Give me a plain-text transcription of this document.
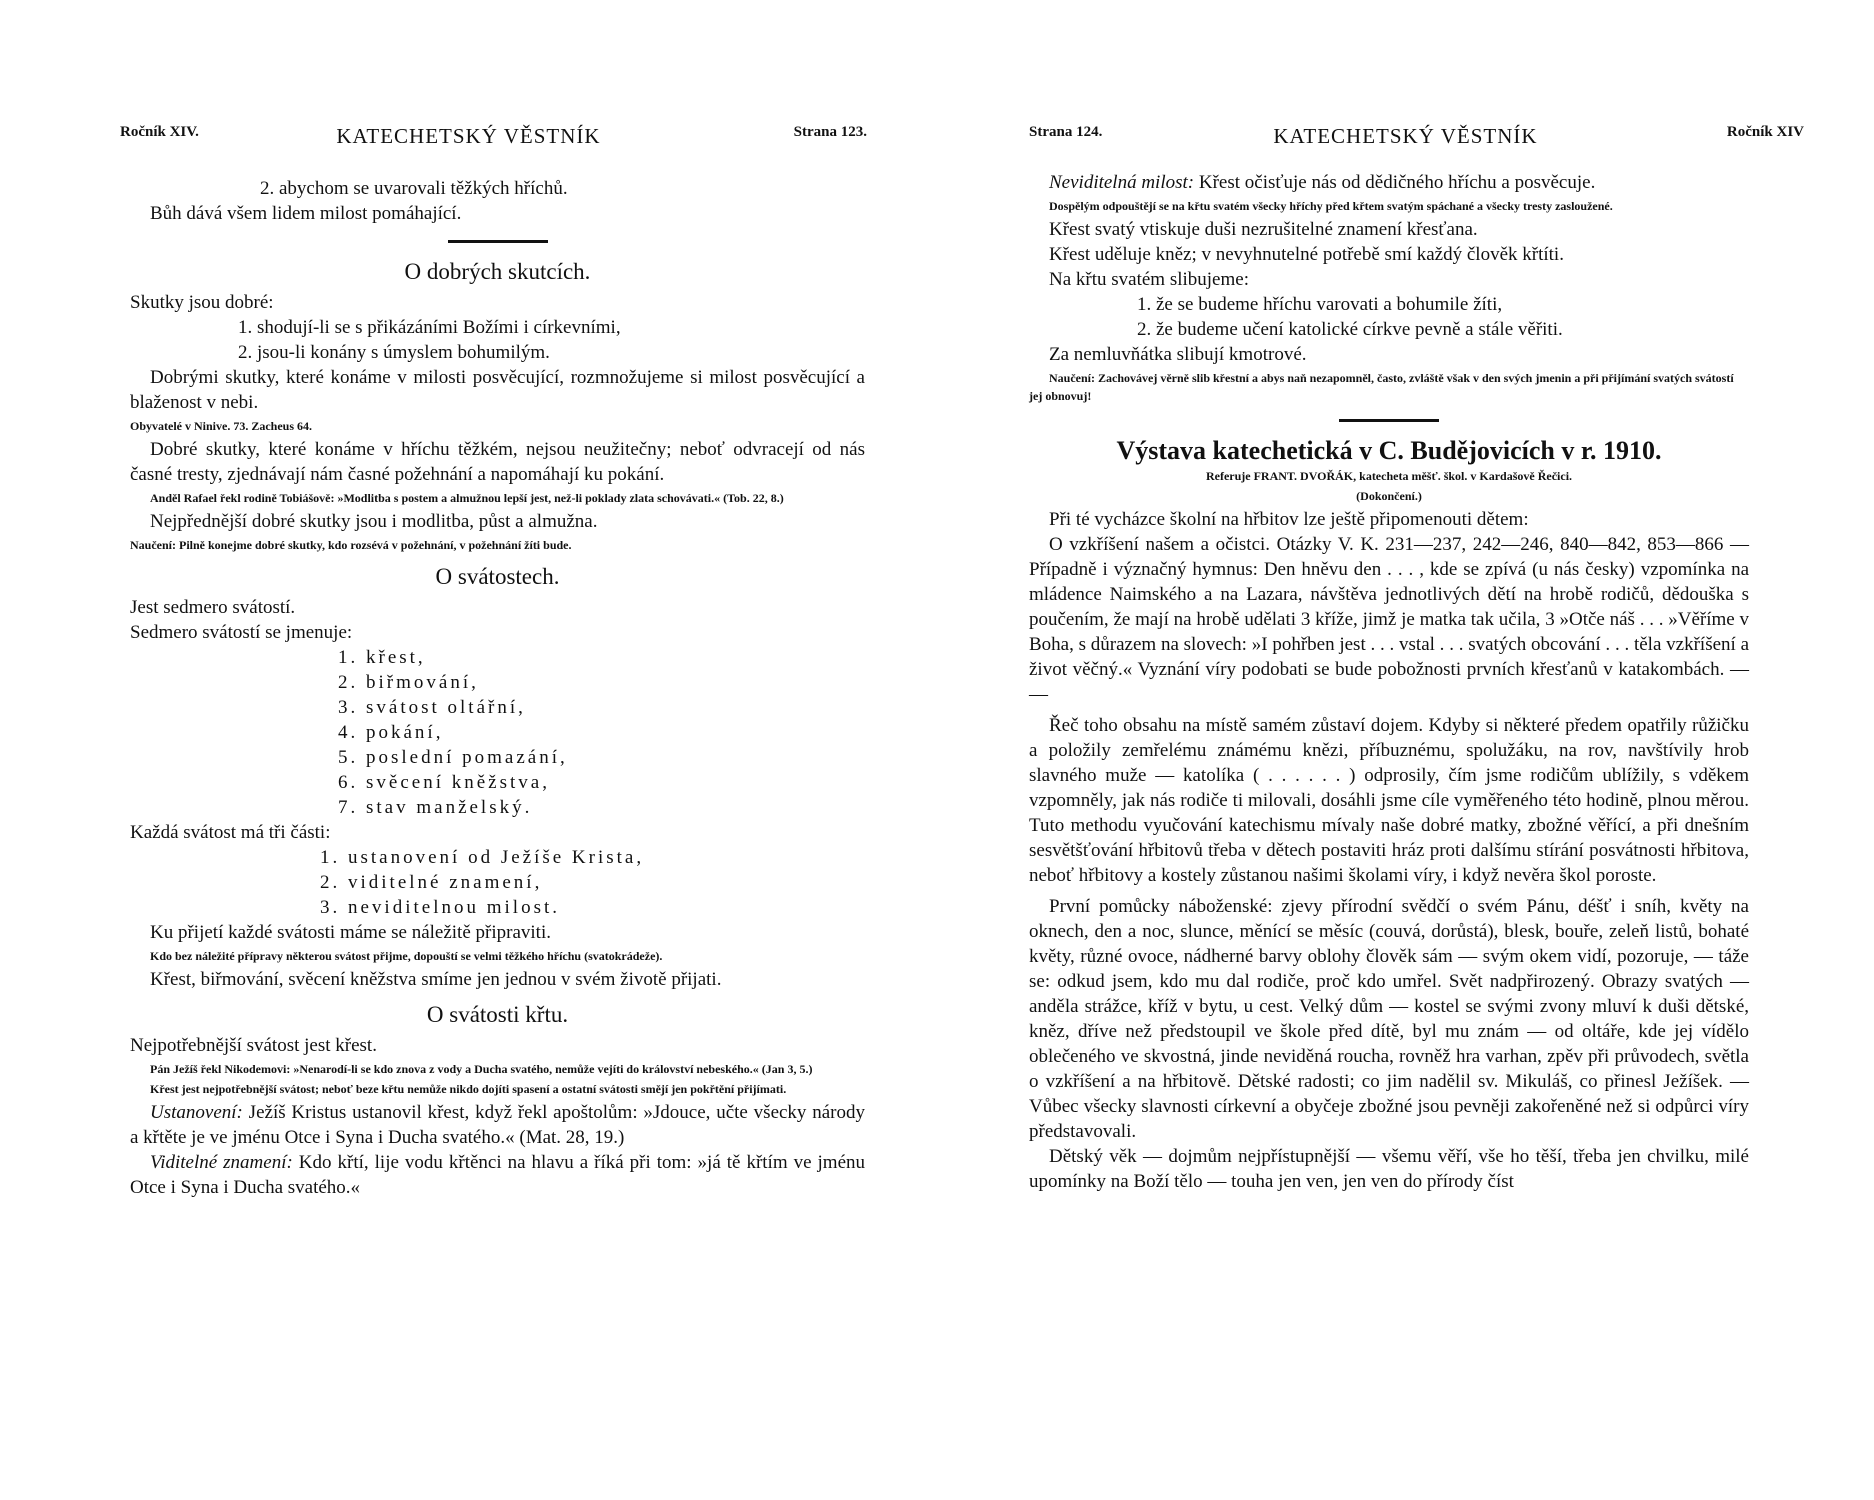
Ročník XIV.	KATECHETSKÝ VĚSTNÍK	Strana 123.

2. abychom se uvarovali těžkých hříchů.

Bůh dává všem lidem milost pomáhající.

O dobrých skutcích.

Skutky jsou dobré:

1. shodují-li se s přikázáními Božími i církevními,

2. jsou-li konány s úmyslem bohumilým.

Dobrými skutky, které konáme v milosti posvěcující, rozmnožujeme si milost posvěcující a blaženost v nebi.

Obyvatelé v Ninive. 73. Zacheus 64.

Dobré skutky, které konáme v hříchu těžkém, nejsou neužitečny; neboť odvracejí od nás časné tresty, zjednávají nám časné požehnání a napomáhají ku pokání.

Anděl Rafael řekl rodině Tobiášově: »Modlitba s postem a almužnou lepší jest, než-li poklady zlata schovávati.« (Tob. 22, 8.)

Nejpřednější dobré skutky jsou i modlitba, půst a almužna.

Naučení: Pilně konejme dobré skutky, kdo rozsévá v požehnání, v požehnání žíti bude.

O svátostech.

Jest sedmero svátostí.

Sedmero svátostí se jmenuje:

1. křest,

2. biřmování,

3. svátost oltářní,

4. pokání,

5. poslední pomazání,

6. svěcení kněžstva,

7. stav manželský.

Každá svátost má tři části:

1. ustanovení od Ježíše Krista,

2. viditelné znamení,

3. neviditelnou milost.

Ku přijetí každé svátosti máme se náležitě připraviti.

Kdo bez náležité přípravy některou svátost přijme, dopouští se velmi těžkého hříchu (svatokrádeže).

Křest, biřmování, svěcení kněžstva smíme jen jednou v svém životě přijati.

O svátosti křtu.

Nejpotřebnější svátost jest křest.

Pán Ježíš řekl Nikodemovi: »Nenarodí-li se kdo znova z vody a Ducha svatého, nemůže vejíti do království nebeského.« (Jan 3, 5.)

Křest jest nejpotřebnější svátost; neboť beze křtu nemůže nikdo dojíti spasení a ostatní svátosti smějí jen pokřtění přijímati.

Ustanovení: Ježíš Kristus ustanovil křest, když řekl apoštolům: »Jdouce, učte všecky národy a křtěte je ve jménu Otce i Syna i Ducha svatého.« (Mat. 28, 19.)

Viditelné znamení: Kdo křtí, lije vodu křtěnci na hlavu a říká při tom: »já tě křtím ve jménu Otce i Syna i Ducha svatého.«

Strana 124.	KATECHETSKÝ VĚSTNÍK	Ročník XIV

Neviditelná milost: Křest očisťuje nás od dědičného hříchu a posvěcuje.

Dospělým odpouštějí se na křtu svatém všecky hříchy před křtem svatým spáchané a všecky tresty zasloužené.

Křest svatý vtiskuje duši nezrušitelné znamení křesťana.

Křest uděluje kněz; v nevyhnutelné potřebě smí každý člověk křtíti.

Na křtu svatém slibujeme:

1. že se budeme hříchu varovati a bohumile žíti,

2. že budeme učení katolické církve pevně a stále věřiti.

Za nemluvňátka slibují kmotrové.

Naučení: Zachovávej věrně slib křestní a abys naň nezapomněl, často, zvláště však v den svých jmenin a při přijímání svatých svátostí jej obnovuj!

Výstava katechetická v C. Budějovicích v r. 1910.

Referuje FRANT. DVOŘÁK, katecheta měšť. škol. v Kardašově Řečici.

(Dokončení.)

Při té vycházce školní na hřbitov lze ještě připomenouti dětem:

O vzkříšení našem a očistci. Otázky V. K. 231—237, 242—246, 840—842, 853—866 — Případně i význačný hymnus: Den hněvu den . . . , kde se zpívá (u nás česky) vzpomínka na mládence Naimského a na Lazara, návštěva jednotlivých dětí na hrobě rodičů, dědouška s poučením, že mají na hrobě udělati 3 kříže, jimž je matka tak učila, 3 »Otče náš . . . »Věříme v Boha, s důrazem na slovech: »I pohřben jest . . . vstal . . . svatých obcování . . . těla vzkříšení a život věčný.« Vyznání víry podobati se bude pobožnosti prvních křesťanů v katakombách. — —

Řeč toho obsahu na místě samém zůstaví dojem. Kdyby si některé předem opatřily růžičku a položily zemřelému známému knězi, příbuznému, spolužáku, na rov, navštívily hrob slavného muže — katolíka ( . . . . . . ) odprosily, čím jsme rodičům ublížily, s vděkem vzpomněly, jak nás rodiče ti milovali, dosáhli jsme cíle vyměřeného této hodině, plnou měrou. Tuto methodu vyučování katechismu mívaly naše dobré matky, zbožné věřící, a při dnešním sesvětšťování hřbitovů třeba v dětech postaviti hráz proti dalšímu stírání posvátnosti hřbitova, neboť hřbitovy a kostely zůstanou našimi školami víry, i když nevěra škol poroste.

První pomůcky náboženské: zjevy přírodní svědčí o svém Pánu, déšť i sníh, květy na oknech, den a noc, slunce, měnící se měsíc (couvá, dorůstá), blesk, bouře, zeleň listů, bohaté květy, různé ovoce, nádherné barvy oblohy člověk sám — svým okem vidí, pozoruje, — táže se: odkud jsem, kdo mu dal rodiče, proč kdo umřel. Svět nadpřirozený. Obrazy svatých — anděla strážce, kříž v bytu, u cest. Velký dům — kostel se svými zvony mluví k duši dětské, kněz, dříve než předstoupil ve škole před dítě, byl mu znám — od oltáře, kde jej vídělo oblečeného ve skvostná, jinde neviděná roucha, rovněž hra varhan, zpěv při průvodech, světla o vzkříšení a na hřbitově. Dětské radosti; co jim nadělil sv. Mikuláš, co přinesl Ježíšek. — Vůbec všecky slavnosti církevní a obyčeje zbožné jsou pevněji zakořeněné než si odpůrci víry představovali.

Dětský věk — dojmům nejpřístupnější — všemu věří, vše ho těší, třeba jen chvilku, milé upomínky na Boží tělo — touha jen ven, jen ven do přírody číst
